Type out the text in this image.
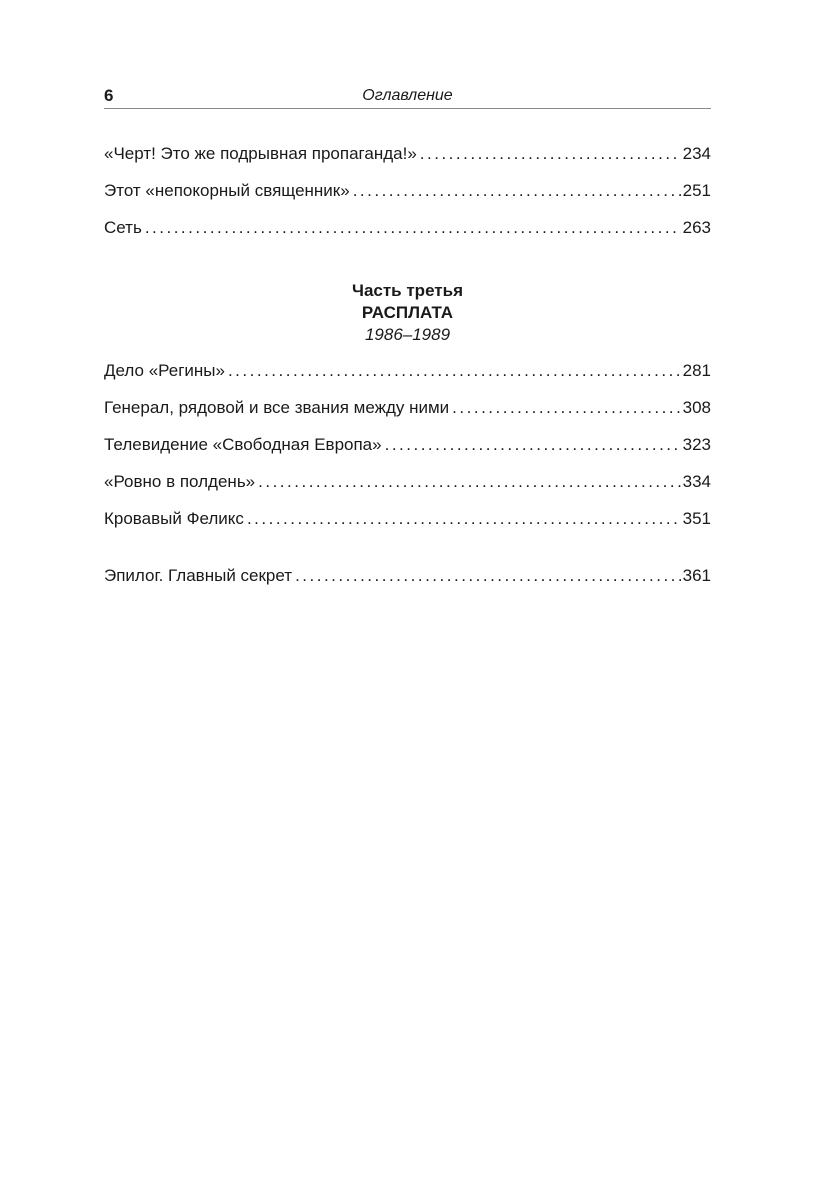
6	Оглавление
«Черт! Это же подрывная пропаганда!» .....	234
Этот «непокорный священник» .....	251
Сеть .....	263
Часть третья
РАСПЛАТА
1986–1989
Дело «Регины» .....	281
Генерал, рядовой и все звания между ними .....	308
Телевидение «Свободная Европа» .....	323
«Ровно в полдень» .....	334
Кровавый Феликс .....	351
Эпилог. Главный секрет .....	361
